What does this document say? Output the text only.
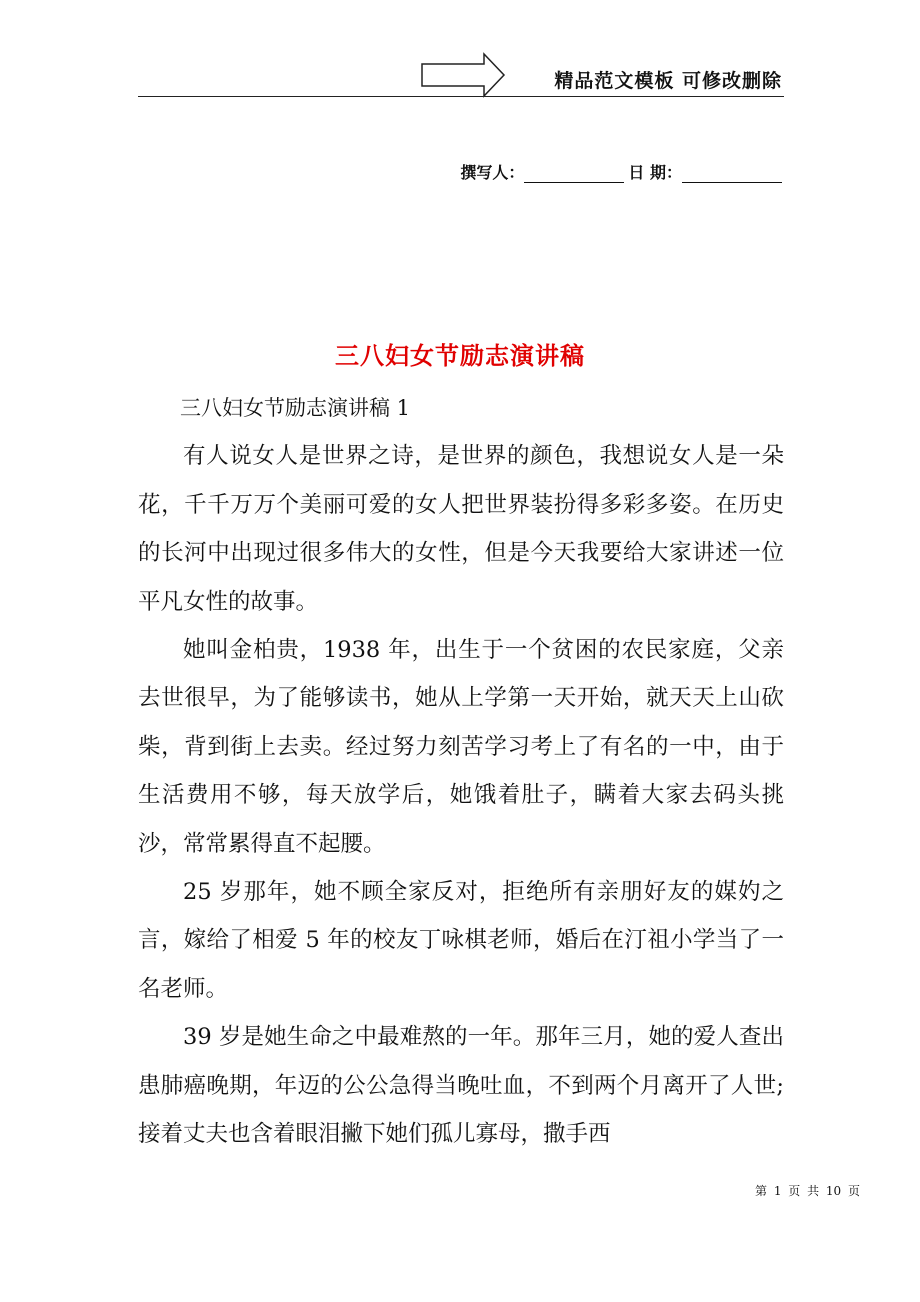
精品范文模板 可修改删除
撰写人：	日 期：
三八妇女节励志演讲稿

三八妇女节励志演讲稿 1

有人说女人是世界之诗，是世界的颜色，我想说女人是一朵花，千千万万个美丽可爱的女人把世界装扮得多彩多姿。在历史的长河中出现过很多伟大的女性，但是今天我要给大家讲述一位平凡女性的故事。

她叫金柏贵，1938 年，出生于一个贫困的农民家庭，父亲去世很早，为了能够读书，她从上学第一天开始，就天天上山砍柴，背到街上去卖。经过努力刻苦学习考上了有名的一中，由于生活费用不够，每天放学后，她饿着肚子，瞒着大家去码头挑沙，常常累得直不起腰。

25 岁那年，她不顾全家反对，拒绝所有亲朋好友的媒妁之言，嫁给了相爱 5 年的校友丁咏棋老师，婚后在汀祖小学当了一名老师。

39 岁是她生命之中最难熬的一年。那年三月，她的爱人查出患肺癌晚期，年迈的公公急得当晚吐血，不到两个月离开了人世;接着丈夫也含着眼泪撇下她们孤儿寡母，撒手西

第 1 页 共 10 页
